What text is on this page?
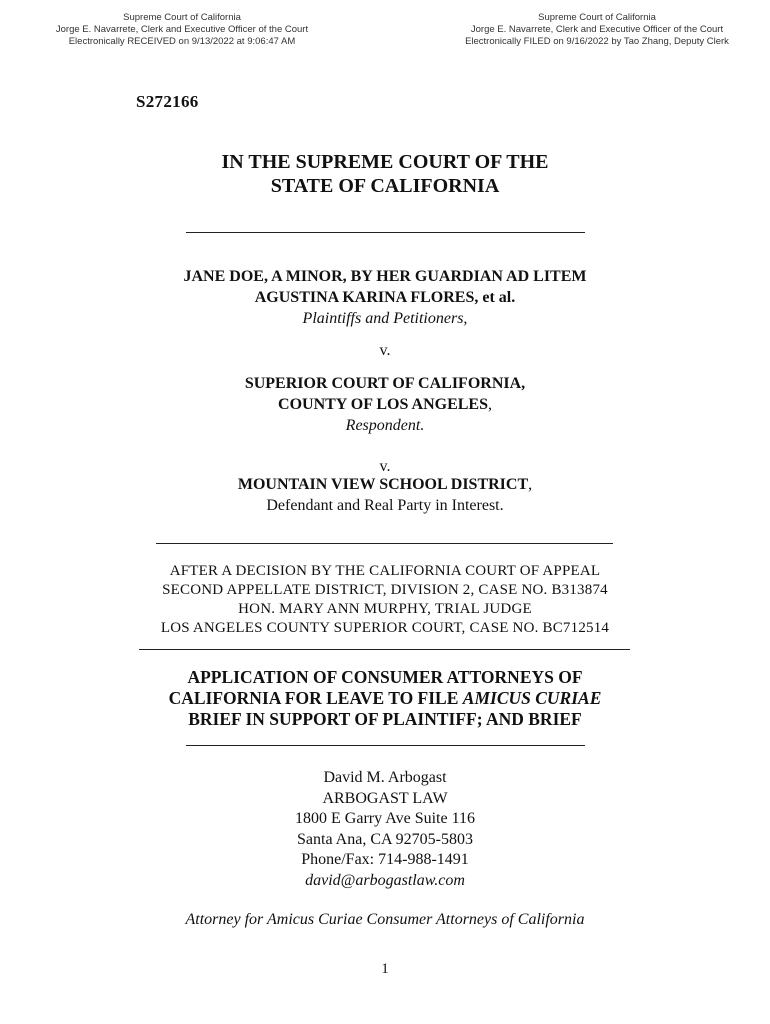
Supreme Court of California
Jorge E. Navarrete, Clerk and Executive Officer of the Court
Electronically RECEIVED on 9/13/2022 at 9:06:47 AM
Supreme Court of California
Jorge E. Navarrete, Clerk and Executive Officer of the Court
Electronically FILED on 9/16/2022 by Tao Zhang, Deputy Clerk
S272166
IN THE SUPREME COURT OF THE
STATE OF CALIFORNIA
JANE DOE, A MINOR, BY HER GUARDIAN AD LITEM
AGUSTINA KARINA FLORES, et al.
Plaintiffs and Petitioners,
v.
SUPERIOR COURT OF CALIFORNIA,
COUNTY OF LOS ANGELES,
Respondent.
v.
MOUNTAIN VIEW SCHOOL DISTRICT,
Defendant and Real Party in Interest.
AFTER A DECISION BY THE CALIFORNIA COURT OF APPEAL
SECOND APPELLATE DISTRICT, DIVISION 2, CASE NO. B313874
HON. MARY ANN MURPHY, TRIAL JUDGE
LOS ANGELES COUNTY SUPERIOR COURT, CASE NO. BC712514
APPLICATION OF CONSUMER ATTORNEYS OF
CALIFORNIA FOR LEAVE TO FILE AMICUS CURIAE
BRIEF IN SUPPORT OF PLAINTIFF; AND BRIEF
David M. Arbogast
ARBOGAST LAW
1800 E Garry Ave Suite 116
Santa Ana, CA 92705-5803
Phone/Fax: 714-988-1491
david@arbogastlaw.com
Attorney for Amicus Curiae Consumer Attorneys of California
1
